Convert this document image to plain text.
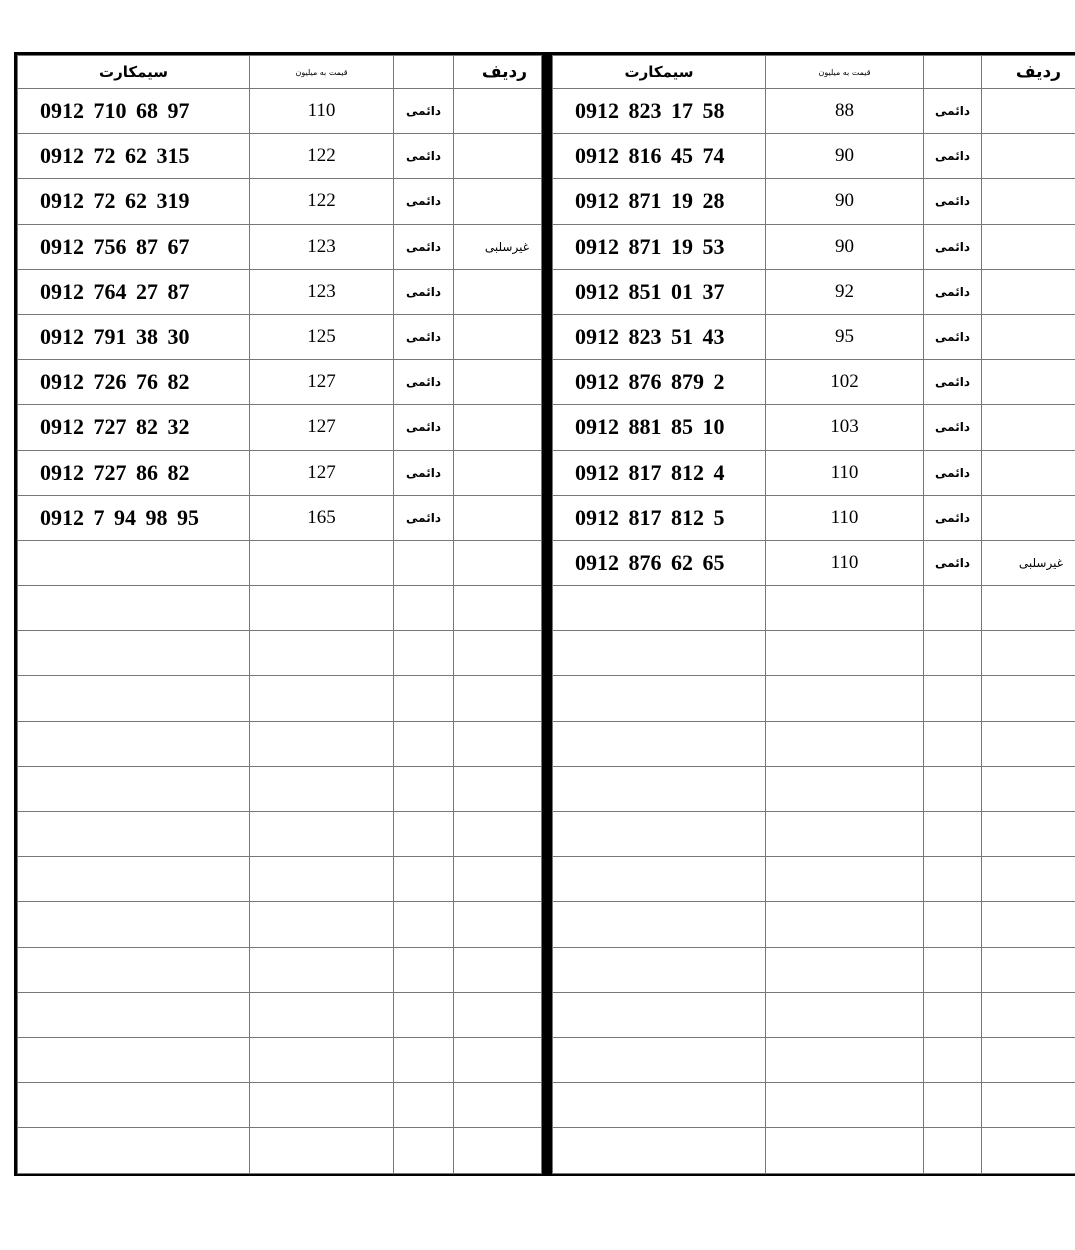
سیمکارت	قیمت به میلیون		ردیف
0912 710 68 97	110	دائمی	
0912 72 62 315	122	دائمی	
0912 72 62 319	122	دائمی	
0912 756 87 67	123	دائمی	غیرسلبی
0912 764 27 87	123	دائمی	
0912 791 38 30	125	دائمی	
0912 726 76 82	127	دائمی	
0912 727 82 32	127	دائمی	
0912 727 86 82	127	دائمی	
0912 7 94 98 95	165	دائمی	

سیمکارت	قیمت به میلیون		ردیف
0912 823 17 58	88	دائمی	
0912 816 45 74	90	دائمی	
0912 871 19 28	90	دائمی	
0912 871 19 53	90	دائمی	
0912 851 01 37	92	دائمی	
0912 823 51 43	95	دائمی	
0912 876 879 2	102	دائمی	
0912 881 85 10	103	دائمی	
0912 817 812 4	110	دائمی	
0912 817 812 5	110	دائمی	
0912 876 62 65	110	دائمی	غیرسلبی
